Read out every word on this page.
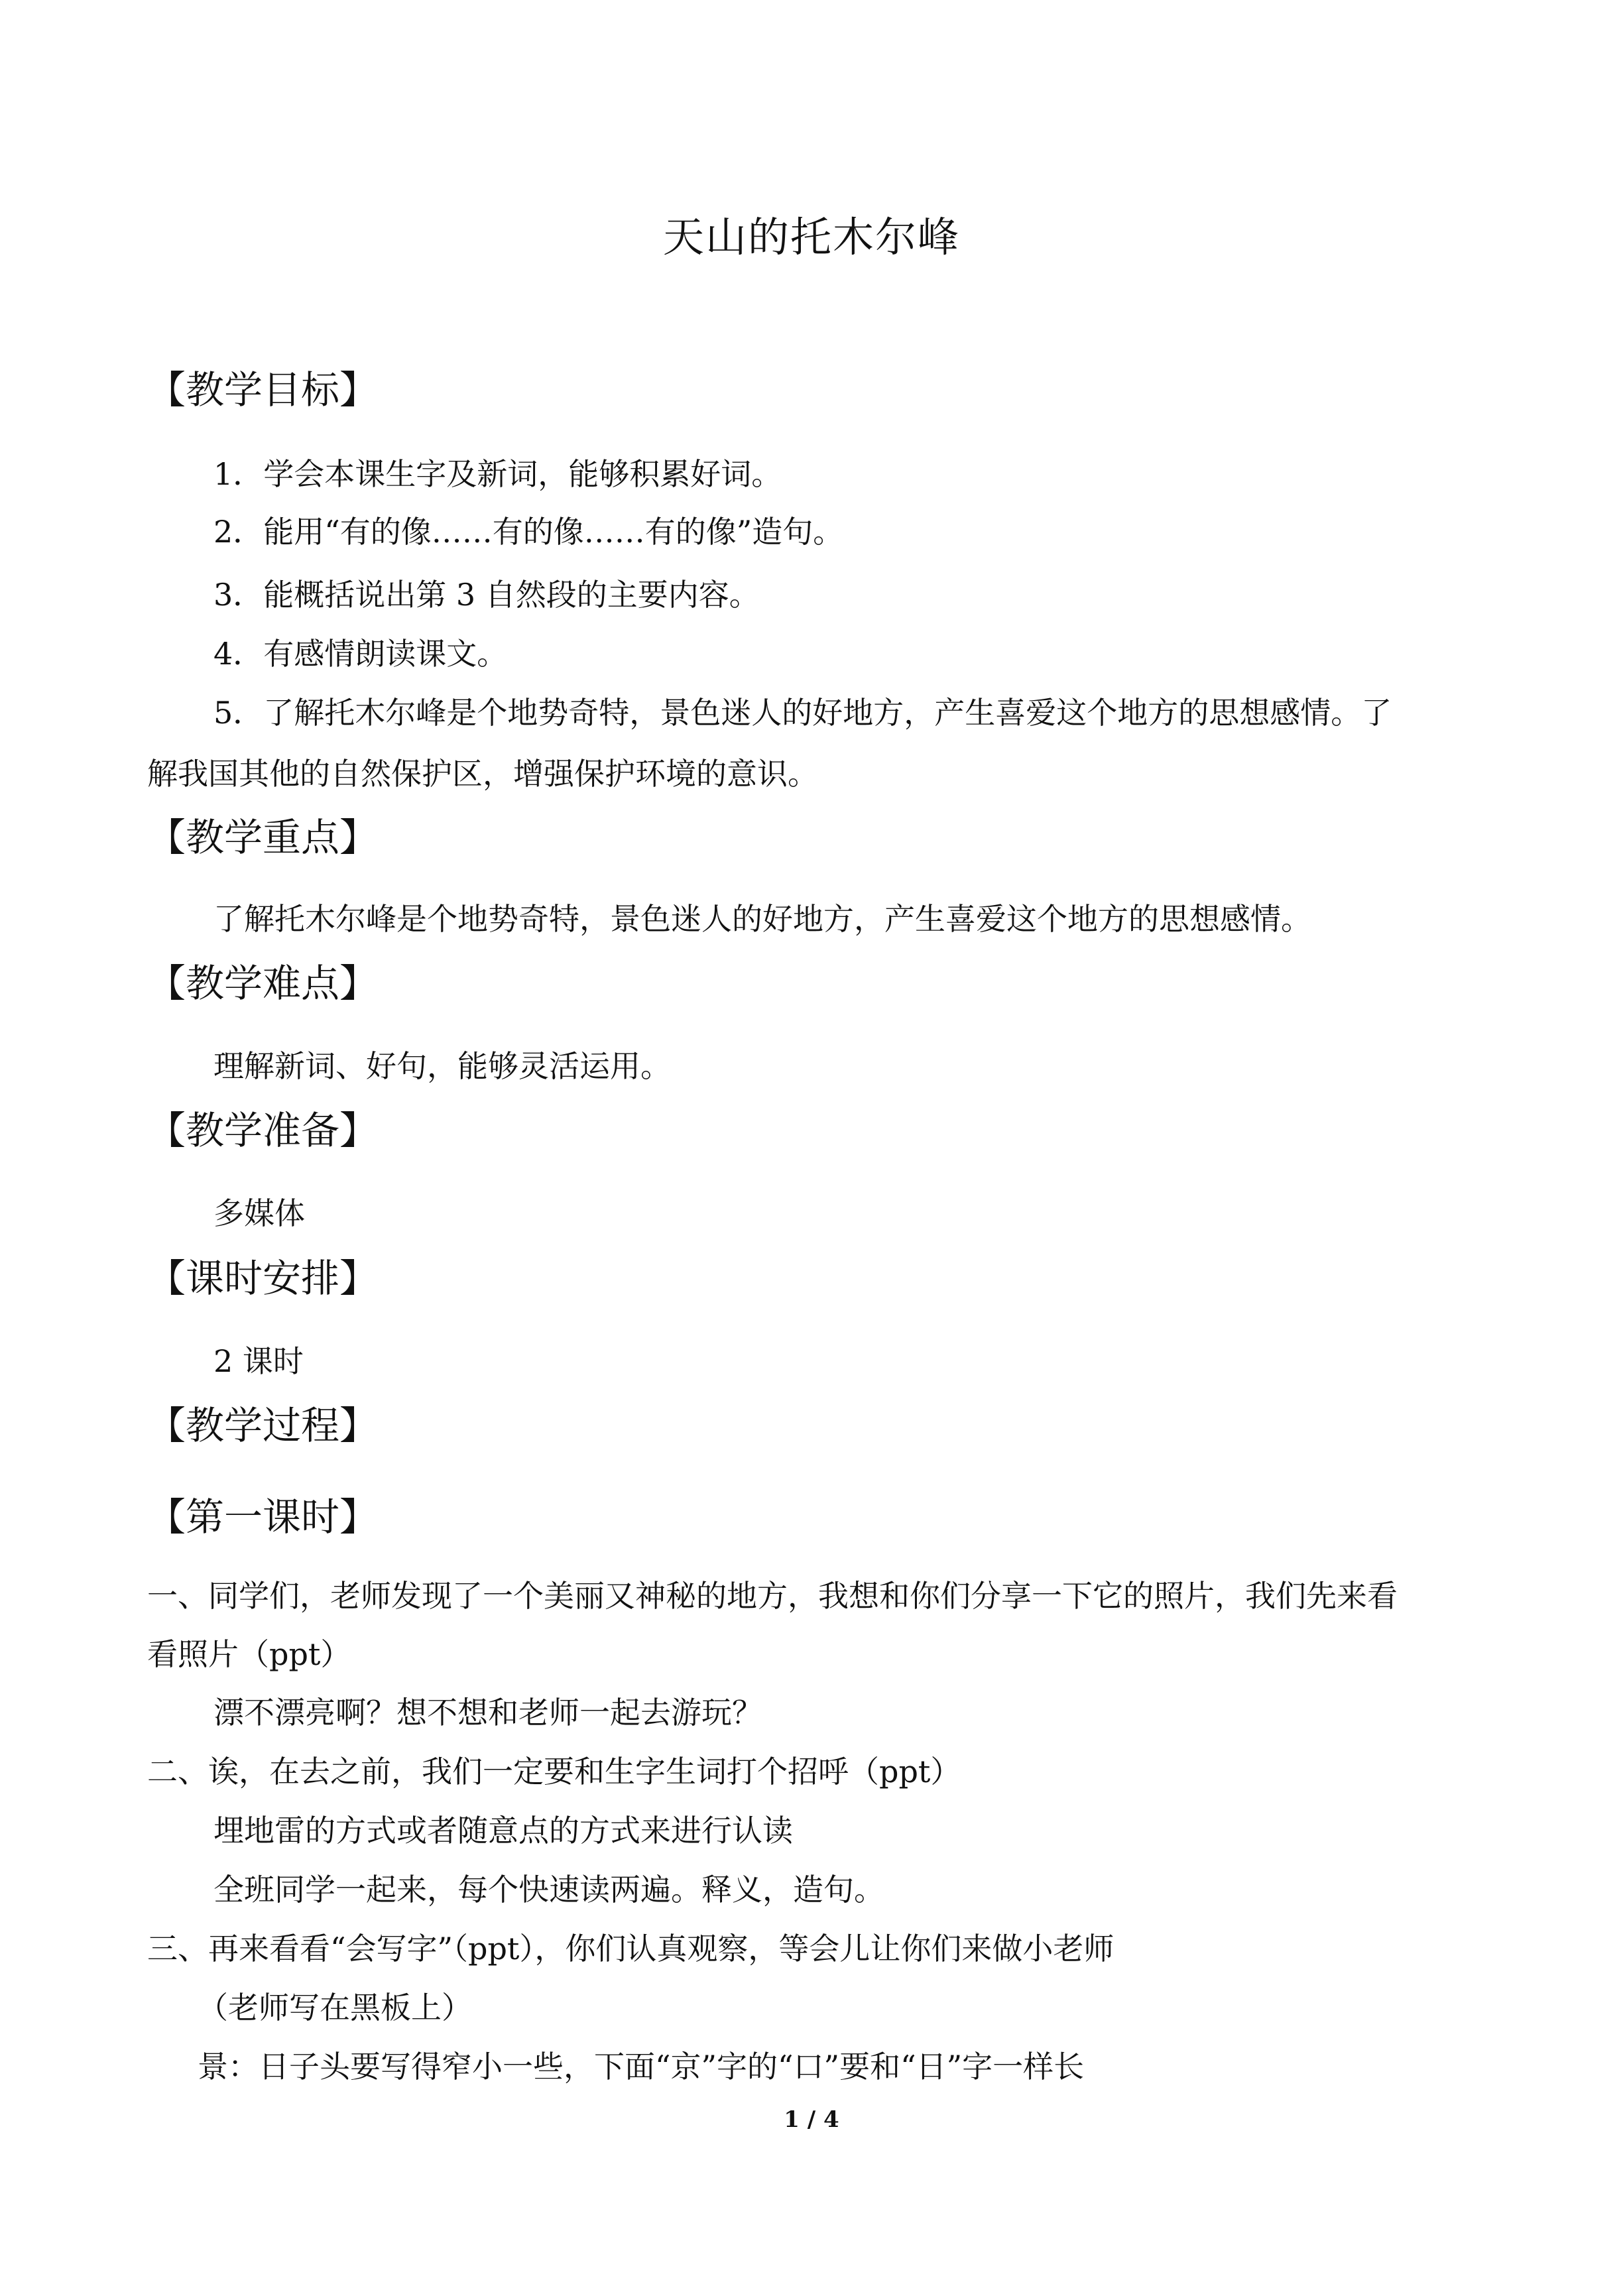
天山的托木尔峰
【教学目标】
1．学会本课生字及新词，能够积累好词。
2．能用“有的像……有的像……有的像”造句。
3．能概括说出第 3 自然段的主要内容。
4．有感情朗读课文。
5．了解托木尔峰是个地势奇特，景色迷人的好地方，产生喜爱这个地方的思想感情。了
解我国其他的自然保护区，增强保护环境的意识。
【教学重点】
了解托木尔峰是个地势奇特，景色迷人的好地方，产生喜爱这个地方的思想感情。
【教学难点】
理解新词、好句，能够灵活运用。
【教学准备】
多媒体
【课时安排】
2 课时
【教学过程】
【第一课时】
一、同学们，老师发现了一个美丽又神秘的地方，我想和你们分享一下它的照片，我们先来看
看照片（ppt）
漂不漂亮啊？想不想和老师一起去游玩？
二、诶，在去之前，我们一定要和生字生词打个招呼（ppt）
埋地雷的方式或者随意点的方式来进行认读
全班同学一起来，每个快速读两遍。释义，造句。
三、再来看看“会写字”（ppt），你们认真观察，等会儿让你们来做小老师
（老师写在黑板上）
景：日子头要写得窄小一些，下面“京”字的“口”要和“日”字一样长
1 / 4
